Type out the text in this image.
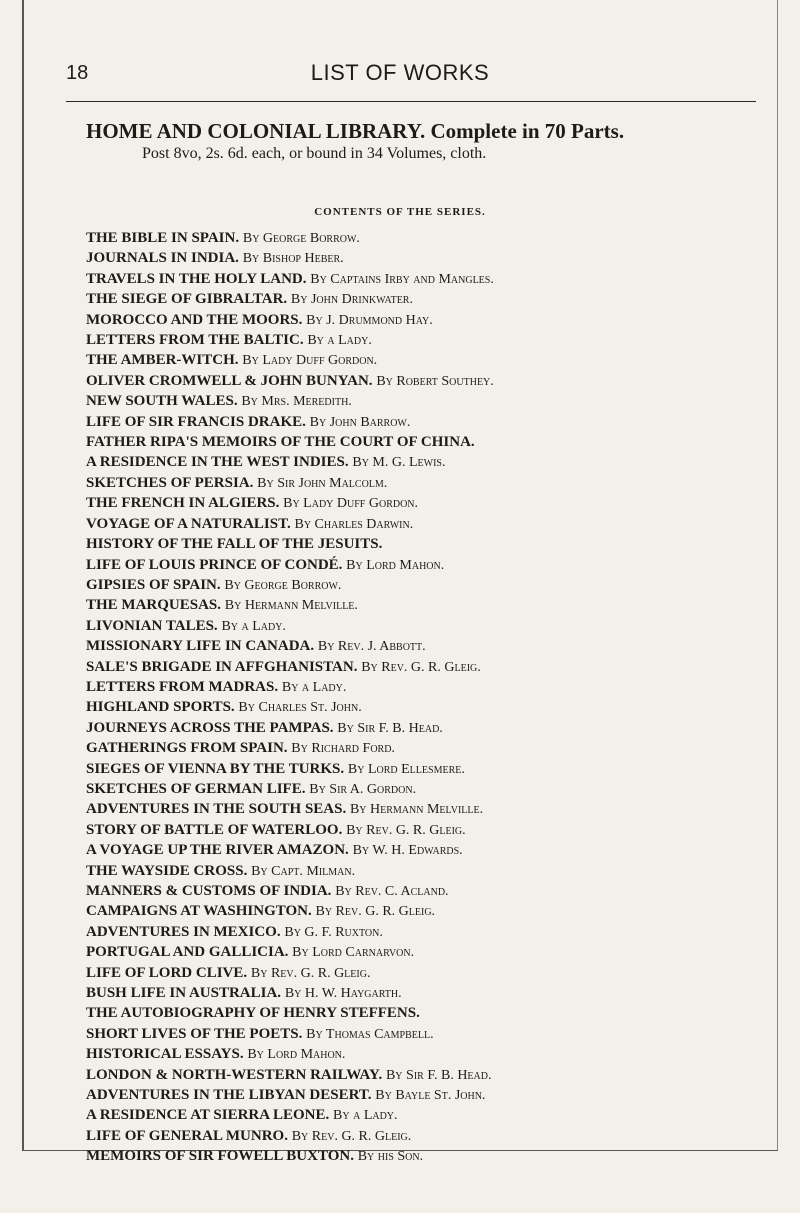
18	LIST OF WORKS
HOME AND COLONIAL LIBRARY. Complete in 70 Parts.
Post 8vo, 2s. 6d. each, or bound in 34 Volumes, cloth.
CONTENTS OF THE SERIES.
THE BIBLE IN SPAIN. By George Borrow.
JOURNALS IN INDIA. By Bishop Heber.
TRAVELS IN THE HOLY LAND. By Captains Irby and Mangles.
THE SIEGE OF GIBRALTAR. By John Drinkwater.
MOROCCO AND THE MOORS. By J. Drummond Hay.
LETTERS FROM THE BALTIC. By a Lady.
THE AMBER-WITCH. By Lady Duff Gordon.
OLIVER CROMWELL & JOHN BUNYAN. By Robert Southey.
NEW SOUTH WALES. By Mrs. Meredith.
LIFE OF SIR FRANCIS DRAKE. By John Barrow.
FATHER RIPA'S MEMOIRS OF THE COURT OF CHINA.
A RESIDENCE IN THE WEST INDIES. By M. G. Lewis.
SKETCHES OF PERSIA. By Sir John Malcolm.
THE FRENCH IN ALGIERS. By Lady Duff Gordon.
VOYAGE OF A NATURALIST. By Charles Darwin.
HISTORY OF THE FALL OF THE JESUITS.
LIFE OF LOUIS PRINCE OF CONDÉ. By Lord Mahon.
GIPSIES OF SPAIN. By George Borrow.
THE MARQUESAS. By Hermann Melville.
LIVONIAN TALES. By a Lady.
MISSIONARY LIFE IN CANADA. By Rev. J. Abbott.
SALE'S BRIGADE IN AFFGHANISTAN. By Rev. G. R. Gleig.
LETTERS FROM MADRAS. By a Lady.
HIGHLAND SPORTS. By Charles St. John.
JOURNEYS ACROSS THE PAMPAS. By Sir F. B. Head.
GATHERINGS FROM SPAIN. By Richard Ford.
SIEGES OF VIENNA BY THE TURKS. By Lord Ellesmere.
SKETCHES OF GERMAN LIFE. By Sir A. Gordon.
ADVENTURES IN THE SOUTH SEAS. By Hermann Melville.
STORY OF BATTLE OF WATERLOO. By Rev. G. R. Gleig.
A VOYAGE UP THE RIVER AMAZON. By W. H. Edwards.
THE WAYSIDE CROSS. By Capt. Milman.
MANNERS & CUSTOMS OF INDIA. By Rev. C. Acland.
CAMPAIGNS AT WASHINGTON. By Rev. G. R. Gleig.
ADVENTURES IN MEXICO. By G. F. Ruxton.
PORTUGAL AND GALLICIA. By Lord Carnarvon.
LIFE OF LORD CLIVE. By Rev. G. R. Gleig.
BUSH LIFE IN AUSTRALIA. By H. W. Haygarth.
THE AUTOBIOGRAPHY OF HENRY STEFFENS.
SHORT LIVES OF THE POETS. By Thomas Campbell.
HISTORICAL ESSAYS. By Lord Mahon.
LONDON & NORTH-WESTERN RAILWAY. By Sir F. B. Head.
ADVENTURES IN THE LIBYAN DESERT. By Bayle St. John.
A RESIDENCE AT SIERRA LEONE. By a Lady.
LIFE OF GENERAL MUNRO. By Rev. G. R. Gleig.
MEMOIRS OF SIR FOWELL BUXTON. By his Son.
